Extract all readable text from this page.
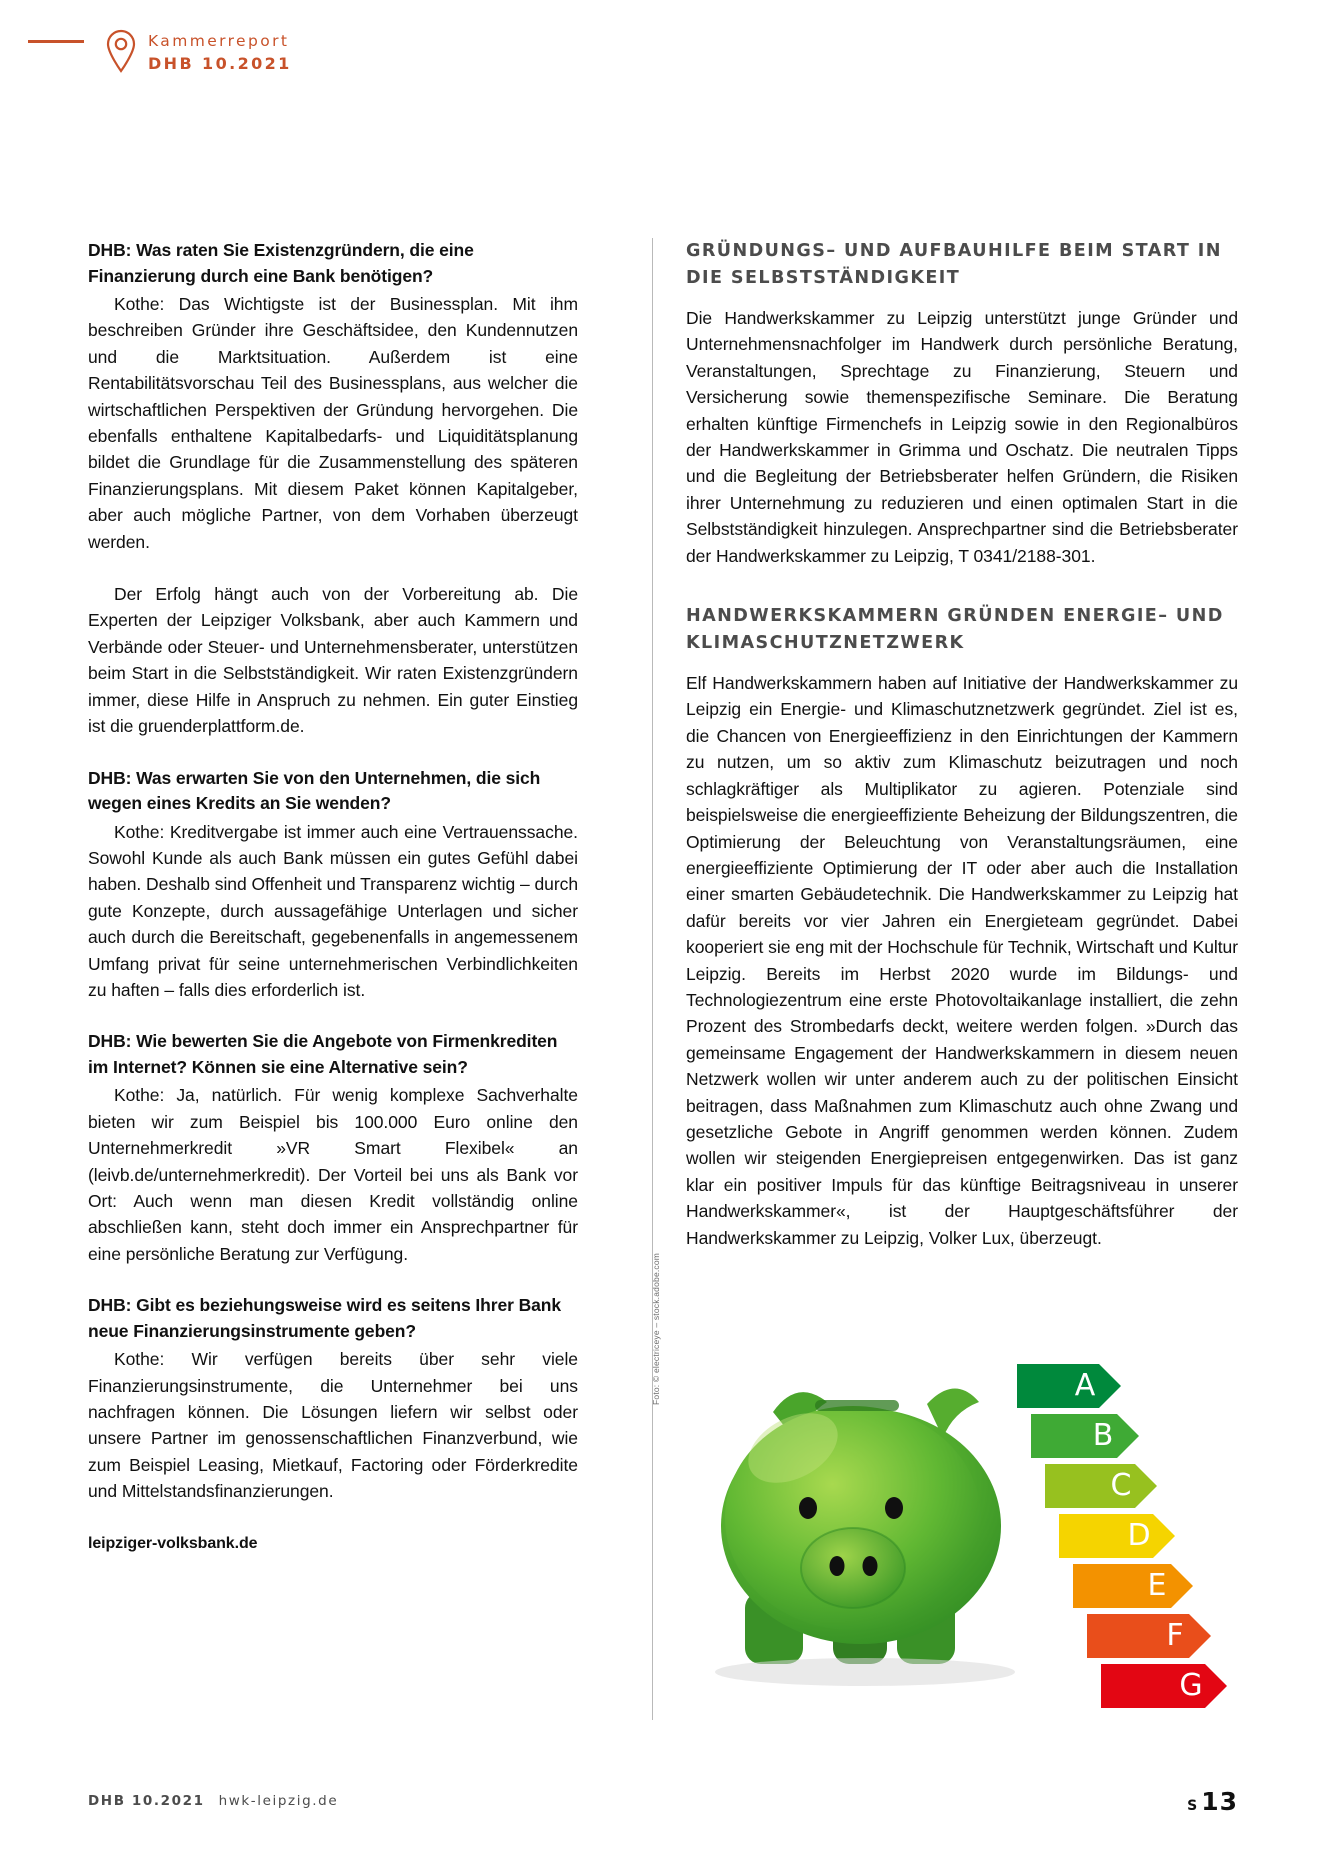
Kammerreport
DHB 10.2021

DHB: Was raten Sie Existenzgründern, die eine Finanzierung durch eine Bank benötigen?

Kothe: Das Wichtigste ist der Businessplan. Mit ihm beschreiben Gründer ihre Geschäftsidee, den Kundennutzen und die Marktsituation. Außerdem ist eine Rentabilitätsvorschau Teil des Businessplans, aus welcher die wirtschaftlichen Perspektiven der Gründung hervorgehen. Die ebenfalls enthaltene Kapitalbedarfs- und Liquiditätsplanung bildet die Grundlage für die Zusammenstellung des späteren Finanzierungsplans. Mit diesem Paket können Kapitalgeber, aber auch mögliche Partner, von dem Vorhaben überzeugt werden.

Der Erfolg hängt auch von der Vorbereitung ab. Die Experten der Leipziger Volksbank, aber auch Kammern und Verbände oder Steuer- und Unternehmensberater, unterstützen beim Start in die Selbstständigkeit. Wir raten Existenzgründern immer, diese Hilfe in Anspruch zu nehmen. Ein guter Einstieg ist die gruenderplattform.de.

DHB: Was erwarten Sie von den Unternehmen, die sich wegen eines Kredits an Sie wenden?

Kothe: Kreditvergabe ist immer auch eine Vertrauenssache. Sowohl Kunde als auch Bank müssen ein gutes Gefühl dabei haben. Deshalb sind Offenheit und Transparenz wichtig – durch gute Konzepte, durch aussagefähige Unterlagen und sicher auch durch die Bereitschaft, gegebenenfalls in angemessenem Umfang privat für seine unternehmerischen Verbindlichkeiten zu haften – falls dies erforderlich ist.

DHB: Wie bewerten Sie die Angebote von Firmenkrediten im Internet? Können sie eine Alternative sein?

Kothe: Ja, natürlich. Für wenig komplexe Sachverhalte bieten wir zum Beispiel bis 100.000 Euro online den Unternehmerkredit »VR Smart Flexibel« an (leivb.de/unternehmerkredit). Der Vorteil bei uns als Bank vor Ort: Auch wenn man diesen Kredit vollständig online abschließen kann, steht doch immer ein Ansprechpartner für eine persönliche Beratung zur Verfügung.

DHB: Gibt es beziehungsweise wird es seitens Ihrer Bank neue Finanzierungsinstrumente geben?

Kothe: Wir verfügen bereits über sehr viele Finanzierungsinstrumente, die Unternehmer bei uns nachfragen können. Die Lösungen liefern wir selbst oder unsere Partner im genossenschaftlichen Finanzverbund, wie zum Beispiel Leasing, Mietkauf, Factoring oder Förderkredite und Mittelstandsfinanzierungen.

leipziger-volksbank.de
GRÜNDUNGS– UND AUFBAUHILFE BEIM START IN DIE SELBSTSTÄNDIGKEIT

Die Handwerkskammer zu Leipzig unterstützt junge Gründer und Unternehmensnachfolger im Handwerk durch persönliche Beratung, Veranstaltungen, Sprechtage zu Finanzierung, Steuern und Versicherung sowie themenspezifische Seminare. Die Beratung erhalten künftige Firmenchefs in Leipzig sowie in den Regionalbüros der Handwerkskammer in Grimma und Oschatz. Die neutralen Tipps und die Begleitung der Betriebsberater helfen Gründern, die Risiken ihrer Unternehmung zu reduzieren und einen optimalen Start in die Selbstständigkeit hinzulegen. Ansprechpartner sind die Betriebsberater der Handwerkskammer zu Leipzig, T 0341/2188-301.

HANDWERKSKAMMERN GRÜNDEN ENERGIE– UND KLIMASCHUTZNETZWERK

Elf Handwerkskammern haben auf Initiative der Handwerkskammer zu Leipzig ein Energie- und Klimaschutznetzwerk gegründet. Ziel ist es, die Chancen von Energieeffizienz in den Einrichtungen der Kammern zu nutzen, um so aktiv zum Klimaschutz beizutragen und noch schlagkräftiger als Multiplikator zu agieren. Potenziale sind beispielsweise die energieeffiziente Beheizung der Bildungszentren, die Optimierung der Beleuchtung von Veranstaltungsräumen, eine energieeffiziente Optimierung der IT oder aber auch die Installation einer smarten Gebäudetechnik. Die Handwerkskammer zu Leipzig hat dafür bereits vor vier Jahren ein Energieteam gegründet. Dabei kooperiert sie eng mit der Hochschule für Technik, Wirtschaft und Kultur Leipzig. Bereits im Herbst 2020 wurde im Bildungs- und Technologiezentrum eine erste Photovoltaikanlage installiert, die zehn Prozent des Strombedarfs deckt, weitere werden folgen. »Durch das gemeinsame Engagement der Handwerkskammern in diesem neuen Netzwerk wollen wir unter anderem auch zu der politischen Einsicht beitragen, dass Maßnahmen zum Klimaschutz auch ohne Zwang und gesetzliche Gebote in Angriff genommen werden können. Zudem wollen wir steigenden Energiepreisen entgegenwirken. Das ist ganz klar ein positiver Impuls für das künftige Beitragsniveau in unserer Handwerkskammer«, ist der Hauptgeschäftsführer der Handwerkskammer zu Leipzig, Volker Lux, überzeugt.

Foto: © electriceye – stock.adobe.com	A
B
C
D
E
F
G
DHB 10.2021 hwk-leipzig.de	S 13
